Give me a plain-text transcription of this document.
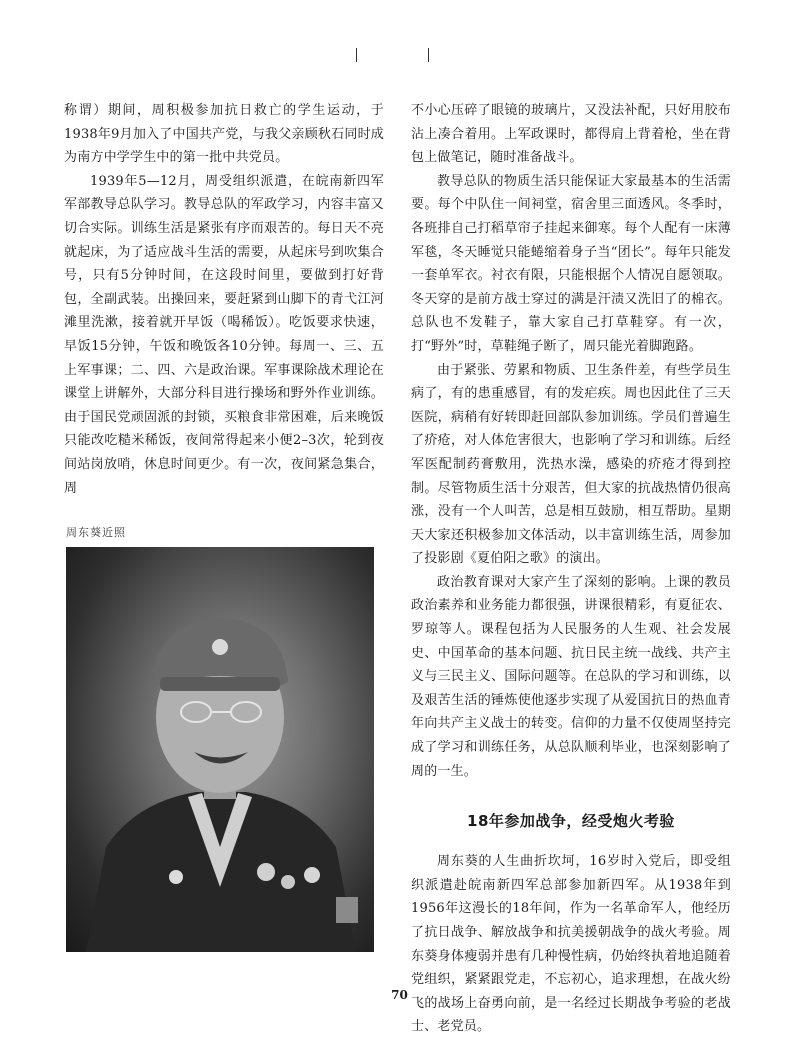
称谓）期间，周积极参加抗日救亡的学生运动，于1938年9月加入了中国共产党，与我父亲顾秋石同时成为南方中学学生中的第一批中共党员。

1939年5—12月，周受组织派遣，在皖南新四军军部教导总队学习。教导总队的军政学习，内容丰富又切合实际。训练生活是紧张有序而艰苦的。每日天不亮就起床，为了适应战斗生活的需要，从起床号到吹集合号，只有5分钟时间，在这段时间里，要做到打好背包，全副武装。出操回来，要赶紧到山脚下的青弋江河滩里洗漱，接着就开早饭（喝稀饭）。吃饭要求快速，早饭15分钟，午饭和晚饭各10分钟。每周一、三、五上军事课；二、四、六是政治课。军事课除战术理论在课堂上讲解外，大部分科目进行操场和野外作业训练。由于国民党顽固派的封锁，买粮食非常困难，后来晚饭只能改吃糙米稀饭，夜间常得起来小便2–3次，轮到夜间站岗放哨，休息时间更少。有一次，夜间紧急集合，周

周东葵近照

不小心压碎了眼镜的玻璃片，又没法补配，只好用胶布沾上凑合着用。上军政课时，都得肩上背着枪，坐在背包上做笔记，随时准备战斗。

教导总队的物质生活只能保证大家最基本的生活需要。每个中队住一间祠堂，宿舍里三面透风。冬季时，各班排自己打稻草帘子挂起来御寒。每个人配有一床薄军毯，冬天睡觉只能蜷缩着身子当“团长”。每年只能发一套单军衣。衬衣有限，只能根据个人情况自愿领取。冬天穿的是前方战士穿过的满是汗渍又洗旧了的棉衣。总队也不发鞋子，靠大家自己打草鞋穿。有一次，打“野外”时，草鞋绳子断了，周只能光着脚跑路。

由于紧张、劳累和物质、卫生条件差，有些学员生病了，有的患重感冒，有的发疟疾。周也因此住了三天医院，病稍有好转即赶回部队参加训练。学员们普遍生了疥疮，对人体危害很大，也影响了学习和训练。后经军医配制药膏敷用，洗热水澡，感染的疥疮才得到控制。尽管物质生活十分艰苦，但大家的抗战热情仍很高涨，没有一个人叫苦，总是相互鼓励，相互帮助。星期天大家还积极参加文体活动，以丰富训练生活，周参加了投影剧《夏伯阳之歌》的演出。

政治教育课对大家产生了深刻的影响。上课的教员政治素养和业务能力都很强，讲课很精彩，有夏征农、罗琼等人。课程包括为人民服务的人生观、社会发展史、中国革命的基本问题、抗日民主统一战线、共产主义与三民主义、国际问题等。在总队的学习和训练，以及艰苦生活的锤炼使他逐步实现了从爱国抗日的热血青年向共产主义战士的转变。信仰的力量不仅使周坚持完成了学习和训练任务，从总队顺利毕业，也深刻影响了周的一生。

18年参加战争，经受炮火考验

周东葵的人生曲折坎坷，16岁时入党后，即受组织派遣赴皖南新四军总部参加新四军。从1938年到1956年这漫长的18年间，作为一名革命军人，他经历了抗日战争、解放战争和抗美援朝战争的战火考验。周东葵身体瘦弱并患有几种慢性病，仍始终执着地追随着党组织，紧紧跟党走，不忘初心，追求理想，在战火纷飞的战场上奋勇向前，是一名经过长期战争考验的老战士、老党员。

70
